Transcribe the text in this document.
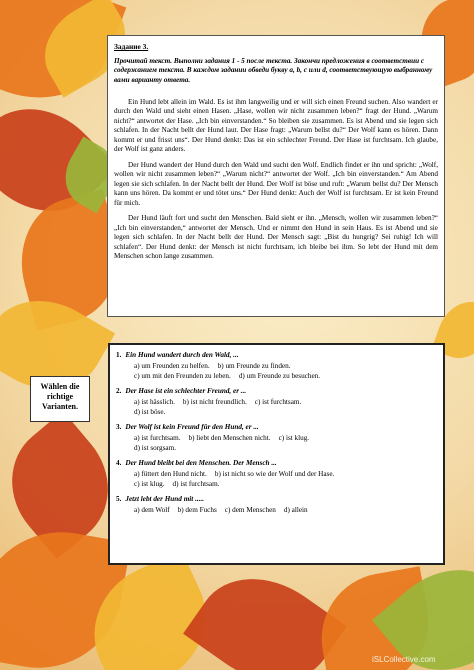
Задание 3.

Прочитай текст. Выполни задания 1 - 5 после текста. Закончи предложения в соответствии с содержанием текста. В каждом задании обведи букву a, b, c или d, соответствующую выбранному вами варианту ответа.

Ein Hund lebt allein im Wald. Es ist ihm langweilig und er will sich einen Freund suchen. Also wandert er durch den Wald und sieht einen Hasen. „Hase, wollen wir nicht zusammen leben?“ fragt der Hund. „Warum nicht?“ antwortet der Hase. „Ich bin einverstanden.“ So bleiben sie zusammen. Es ist Abend und sie legen sich schlafen. In der Nacht bellt der Hund laut. Der Hase fragt: „Warum bellst du?“ Der Wolf kann es hören. Dann kommt er und frisst uns“. Der Hund denkt: Das ist ein schlechter Freund. Der Hase ist furchtsam. Ich glaube, der Wolf ist ganz anders.

Der Hund wandert der Hund durch den Wald und sucht den Wolf. Endlich findet er ihn und spricht: „Wolf, wollen wir nicht zusammen leben?“ „Warum nicht?“ antwortet der Wolf. „Ich bin einverstanden.“ Am Abend legen sie sich schlafen. In der Nacht bellt der Hund. Der Wolf ist böse und ruft: „Warum bellst du? Der Mensch kann uns hören. Da kommt er und tötet uns.“ Der Hund denkt: Auch der Wolf ist furchtsam. Er ist kein Freund für mich.

Der Hund läuft fort und sucht den Menschen. Bald sieht er ihn. „Mensch, wollen wir zusammen leben?“ „Ich bin einverstanden,“ antwortet der Mensch. Und er nimmt den Hund in sein Haus. Es ist Abend und sie legen sich schlafen. In der Nacht bellt der Hund. Der Mensch sagt: „Bist du hungrig? Sei ruhig! Ich will schlafen“. Der Hund denkt: der Mensch ist nicht furchtsam, ich bleibe bei ihm. So lebt der Hund mit dem Menschen schon lange zusammen.

Wählen die
richtige
Varianten.

1. Ein Hund wandert durch den Wald, ...

a) um Freunden zu helfen. b) um Freunde zu finden.
c) um mit den Freunden zu leben. d) um Freunde zu besuchen.

2. Der Hase ist ein schlechter Freund, er ...

a) ist hässlich. b) ist nicht freundlich. c) ist furchtsam.
d) ist böse.

3. Der Wolf ist kein Freund für den Hund, er ...

a) ist furchtsam. b) liebt den Menschen nicht. c) ist klug.
d) ist sorgsam.

4. Der Hund bleibt bei den Menschen. Der Mensch ...

a) füttert den Hund nicht. b) ist nicht so wie der Wolf und der Hase.
c) ist klug. d) ist furchtsam.

5. Jetzt lebt der Hund mit .....

a) dem Wolf b) dem Fuchs c) dem Menschen d) allein
iSLCollective.com
